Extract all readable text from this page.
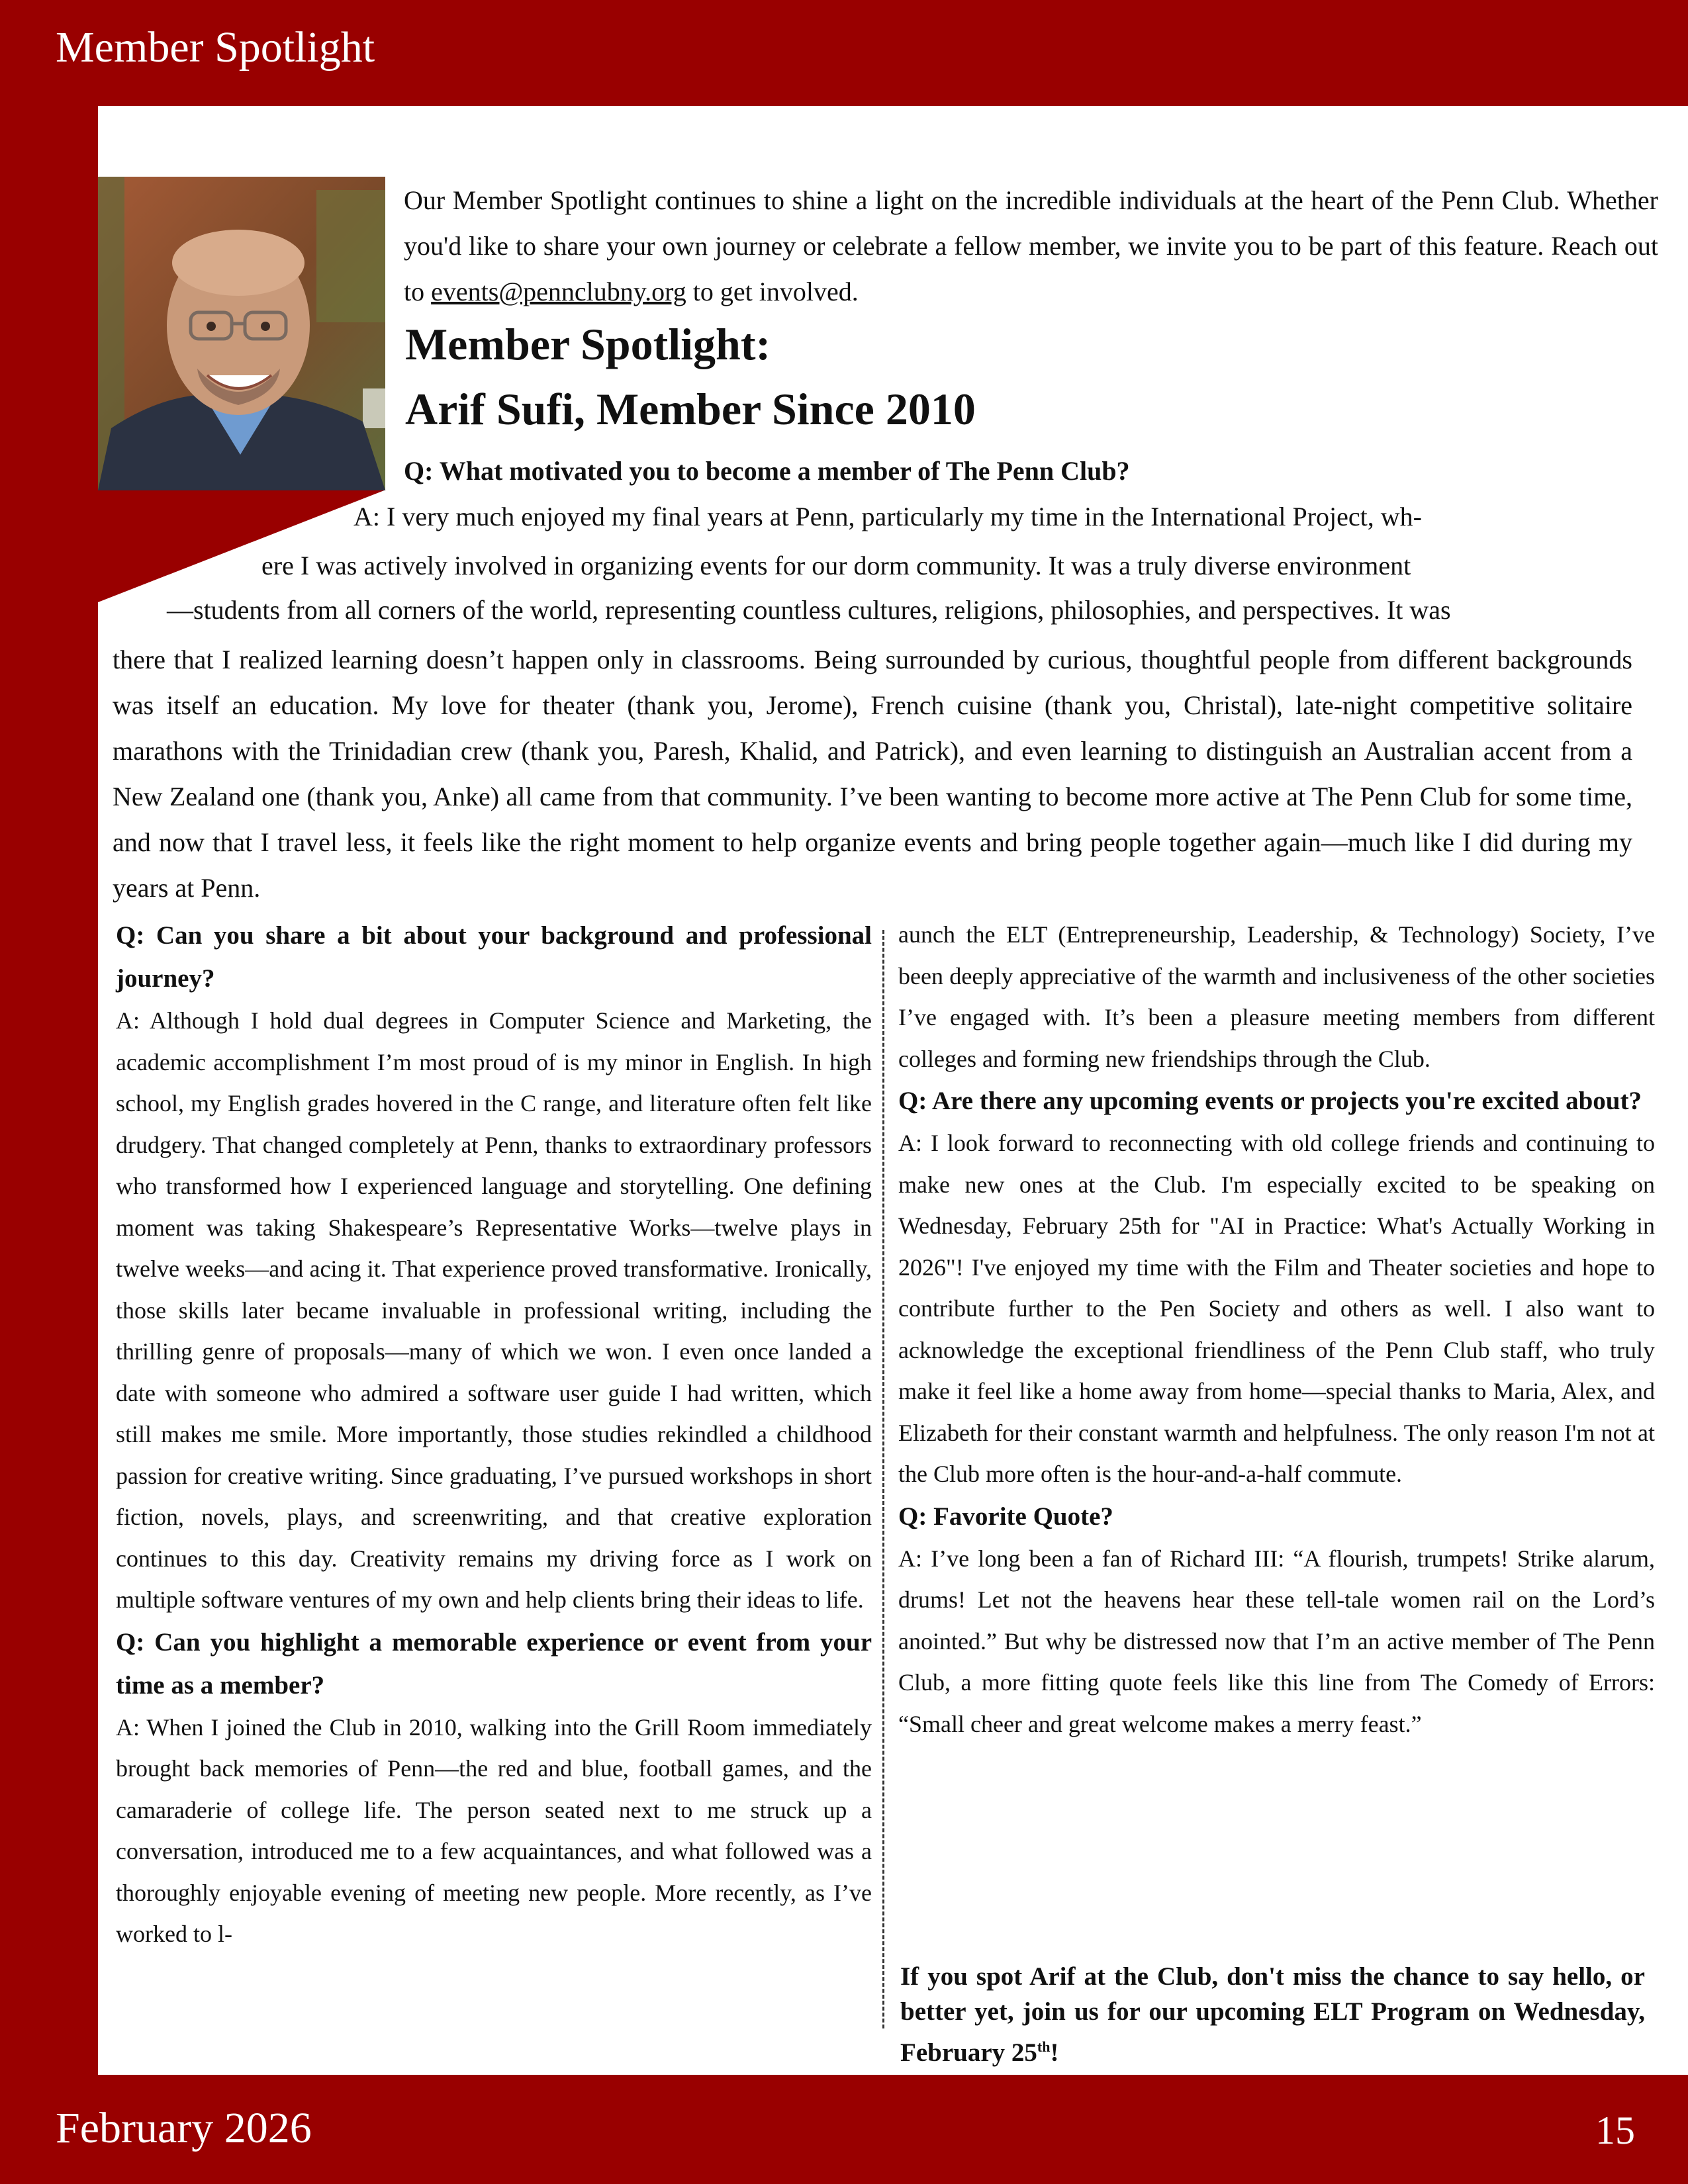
Member Spotlight

Our Member Spotlight continues to shine a light on the incredible individuals at the heart of the Penn Club. Whether you'd like to share your own journey or celebrate a fellow member, we invite you to be part of this feature. Reach out to events@pennclubny.org to get involved.

Member Spotlight:
Arif Sufi, Member Since 2010
Q: What motivated you to become a member of The Penn Club?
A: I very much enjoyed my final years at Penn, particularly my time in the International Project, wh-
ere I was actively involved in organizing events for our dorm community. It was a truly diverse environment
—students from all corners of the world, representing countless cultures, religions, philosophies, and perspectives. It was

there that I realized learning doesn’t happen only in classrooms. Being surrounded by curious, thoughtful people from different backgrounds was itself an education. My love for theater (thank you, Jerome), French cuisine (thank you, Christal), late-night competitive solitaire marathons with the Trinidadian crew (thank you, Paresh, Khalid, and Patrick), and even learning to distinguish an Australian accent from a New Zealand one (thank you, Anke) all came from that community. I’ve been wanting to become more active at The Penn Club for some time, and now that I travel less, it feels like the right moment to help organize events and bring people together again—much like I did during my years at Penn.

Q: Can you share a bit about your background and professional journey?

A: Although I hold dual degrees in Computer Science and Marketing, the academic accomplishment I’m most proud of is my minor in English. In high school, my English grades hovered in the C range, and literature often felt like drudgery. That changed completely at Penn, thanks to extraordinary professors who transformed how I experienced language and storytelling. One defining moment was taking Shakespeare’s Representative Works—twelve plays in twelve weeks—and acing it. That experience proved transformative. Ironically, those skills later became invaluable in professional writing, including the thrilling genre of proposals—many of which we won. I even once landed a date with someone who admired a software user guide I had written, which still makes me smile. More importantly, those studies rekindled a childhood passion for creative writing. Since graduating, I’ve pursued workshops in short fiction, novels, plays, and screenwriting, and that creative exploration continues to this day. Creativity remains my driving force as I work on multiple software ventures of my own and help clients bring their ideas to life.

Q: Can you highlight a memorable experience or event from your time as a member?

A: When I joined the Club in 2010, walking into the Grill Room immediately brought back memories of Penn—the red and blue, football games, and the camaraderie of college life. The person seated next to me struck up a conversation, introduced me to a few acquaintances, and what followed was a thoroughly enjoyable evening of meeting new people. More recently, as I’ve worked to l-

aunch the ELT (Entrepreneurship, Leadership, & Technology) Society, I’ve been deeply appreciative of the warmth and inclusiveness of the other societies I’ve engaged with. It’s been a pleasure meeting members from different colleges and forming new friendships through the Club.

Q: Are there any upcoming events or projects you're excited about?

A: I look forward to reconnecting with old college friends and continuing to make new ones at the Club. I'm especially excited to be speaking on Wednesday, February 25th for "AI in Practice: What's Actually Working in 2026"! I've enjoyed my time with the Film and Theater societies and hope to contribute further to the Pen Society and others as well. I also want to acknowledge the exceptional friendliness of the Penn Club staff, who truly make it feel like a home away from home—special thanks to Maria, Alex, and Elizabeth for their constant warmth and helpfulness. The only reason I'm not at the Club more often is the hour-and-a-half commute.

Q: Favorite Quote?

A: I’ve long been a fan of Richard III: “A flourish, trumpets! Strike alarum, drums! Let not the heavens hear these tell-tale women rail on the Lord’s anointed.” But why be distressed now that I’m an active member of The Penn Club, a more fitting quote feels like this line from The Comedy of Errors: “Small cheer and great welcome makes a merry feast.”

If you spot Arif at the Club, don't miss the chance to say hello, or better yet, join us for our upcoming ELT Program on Wednesday, February 25th!

February 2026	15
